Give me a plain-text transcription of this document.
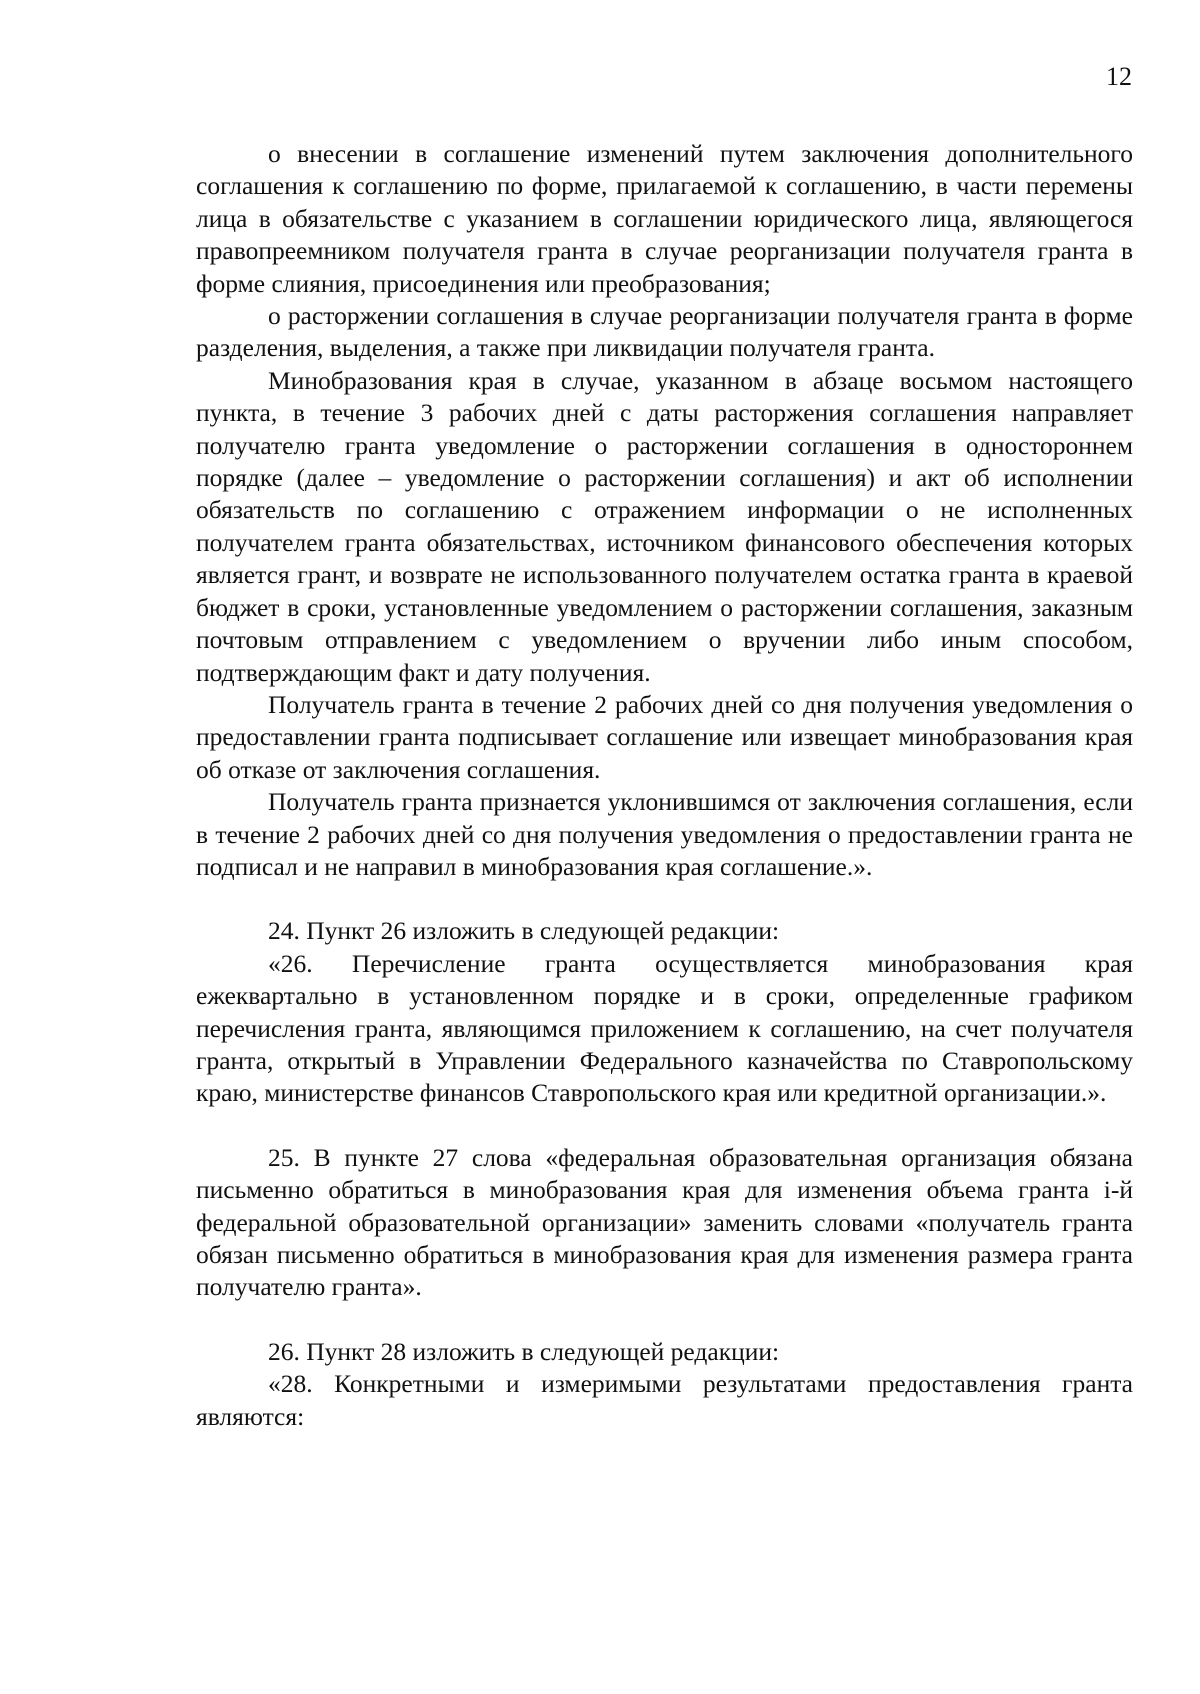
12

о внесении в соглашение изменений путем заключения дополнительного соглашения к соглашению по форме, прилагаемой к соглашению, в части перемены лица в обязательстве с указанием в соглашении юридического лица, являющегося правопреемником получателя гранта в случае реорганизации получателя гранта в форме слияния, присоединения или преобразования;

о расторжении соглашения в случае реорганизации получателя гранта в форме разделения, выделения, а также при ликвидации получателя гранта.

Минобразования края в случае, указанном в абзаце восьмом настоящего пункта, в течение 3 рабочих дней с даты расторжения соглашения направляет получателю гранта уведомление о расторжении соглашения в одностороннем порядке (далее – уведомление о расторжении соглашения) и акт об исполнении обязательств по соглашению с отражением информации о не исполненных получателем гранта обязательствах, источником финансового обеспечения которых является грант, и возврате не использованного получателем остатка гранта в краевой бюджет в сроки, установленные уведомлением о расторжении соглашения, заказным почтовым отправлением с уведомлением о вручении либо иным способом, подтверждающим факт и дату получения.

Получатель гранта в течение 2 рабочих дней со дня получения уведомления о предоставлении гранта подписывает соглашение или извещает минобразования края об отказе от заключения соглашения.

Получатель гранта признается уклонившимся от заключения соглашения, если в течение 2 рабочих дней со дня получения уведомления о предоставлении гранта не подписал и не направил в минобразования края соглашение.».

24. Пункт 26 изложить в следующей редакции:

«26. Перечисление гранта осуществляется минобразования края ежеквартально в установленном порядке и в сроки, определенные графиком перечисления гранта, являющимся приложением к соглашению, на счет получателя гранта, открытый в Управлении Федерального казначейства по Ставропольскому краю, министерстве финансов Ставропольского края или кредитной организации.».

25. В пункте 27 слова «федеральная образовательная организация обязана письменно обратиться в минобразования края для изменения объема гранта i-й федеральной образовательной организации» заменить словами «получатель гранта обязан письменно обратиться в минобразования края для изменения размера гранта получателю гранта».

26. Пункт 28 изложить в следующей редакции:

«28. Конкретными и измеримыми результатами предоставления гранта являются:
